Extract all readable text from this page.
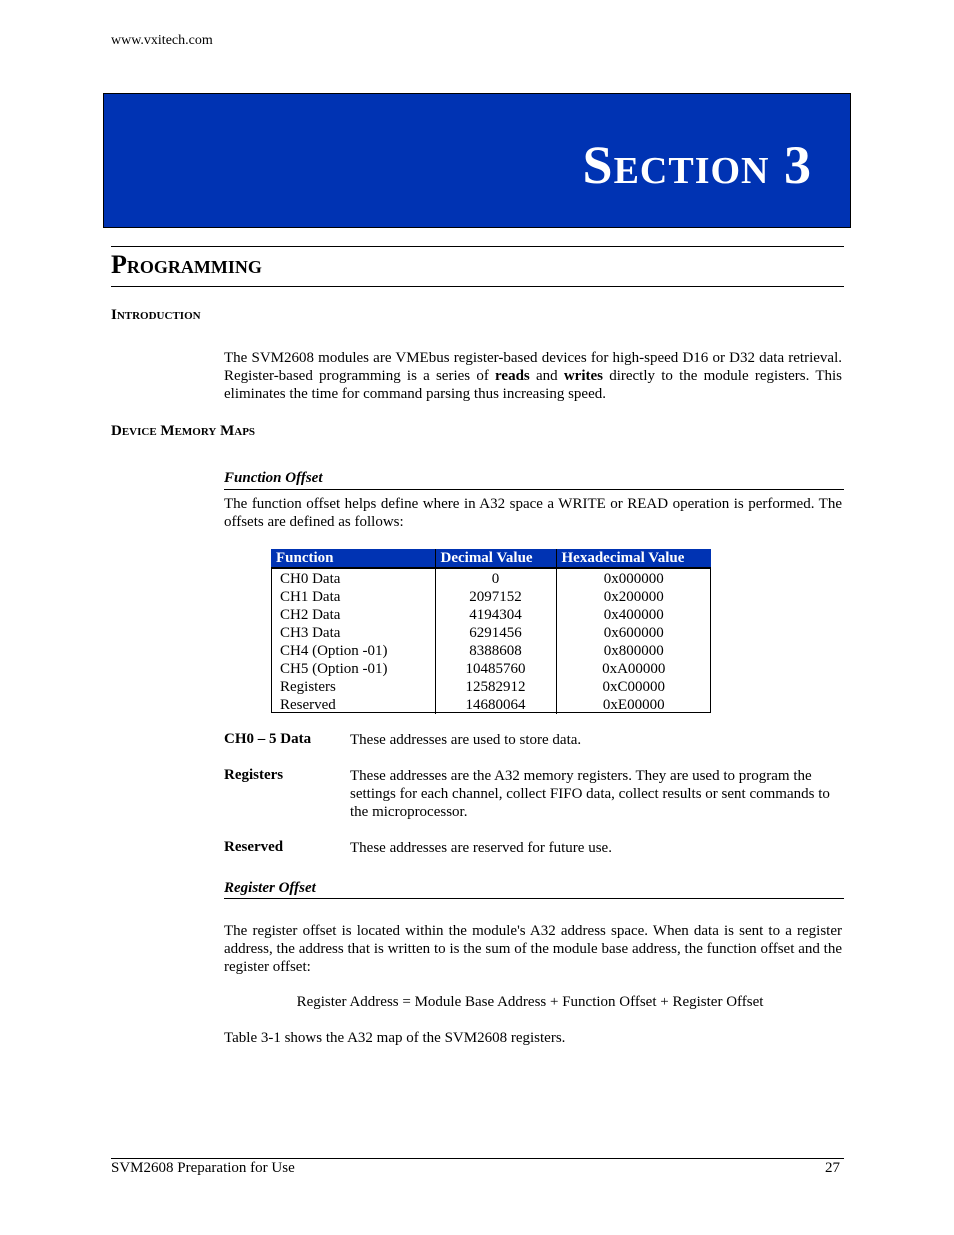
www.vxitech.com
Section 3
Programming
Introduction
The SVM2608 modules are VMEbus register-based devices for high-speed D16 or D32 data retrieval. Register-based programming is a series of reads and writes directly to the module registers. This eliminates the time for command parsing thus increasing speed.
Device Memory Maps
Function Offset
The function offset helps define where in A32 space a WRITE or READ operation is performed. The offsets are defined as follows:
Function	Decimal Value	Hexadecimal Value
CH0 Data	0	0x000000
CH1 Data	2097152	0x200000
CH2 Data	4194304	0x400000
CH3 Data	6291456	0x600000
CH4 (Option -01)	8388608	0x800000
CH5 (Option -01)	10485760	0xA00000
Registers	12582912	0xC00000
Reserved	14680064	0xE00000
CH0 – 5 Data	These addresses are used to store data.
Registers	These addresses are the A32 memory registers. They are used to program the settings for each channel, collect FIFO data, collect results or sent commands to the microprocessor.
Reserved	These addresses are reserved for future use.
Register Offset
The register offset is located within the module's A32 address space. When data is sent to a register address, the address that is written to is the sum of the module base address, the function offset and the register offset:
Register Address = Module Base Address + Function Offset + Register Offset
Table 3-1 shows the A32 map of the SVM2608 registers.
SVM2608 Preparation for Use	27
